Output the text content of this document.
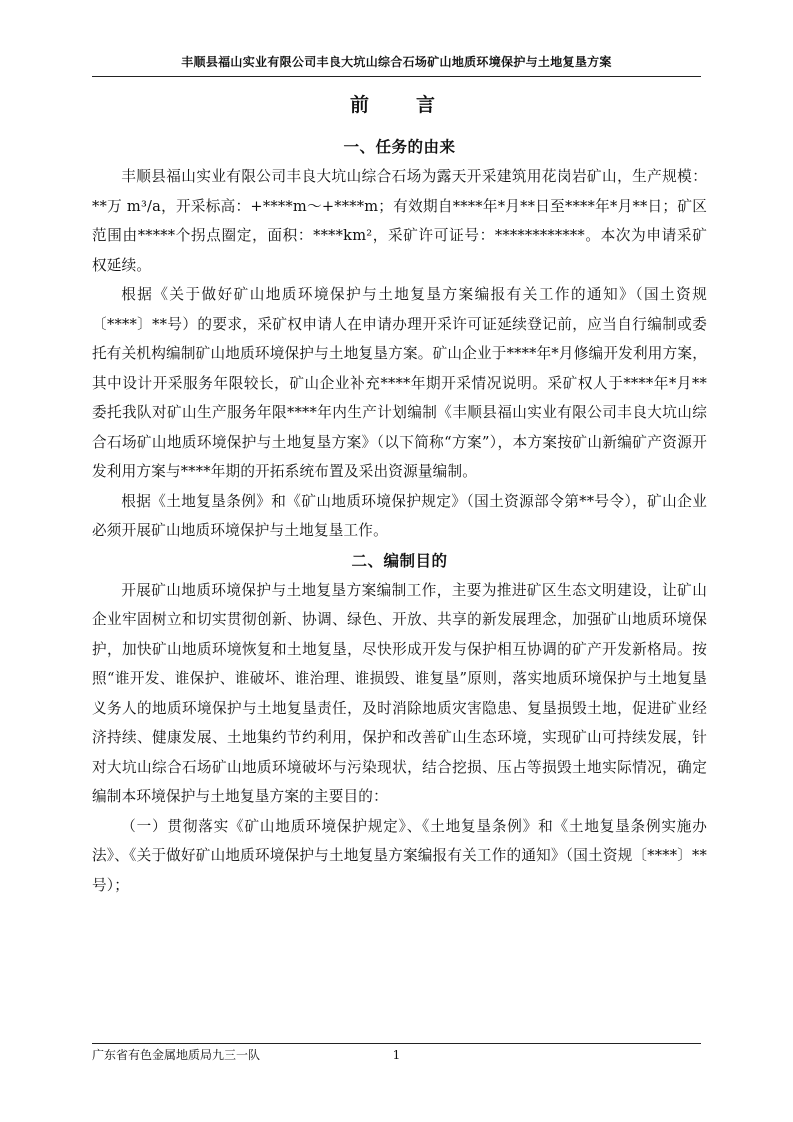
丰顺县福山实业有限公司丰良大坑山综合石场矿山地质环境保护与土地复垦方案
前　言
一、任务的由来

丰顺县福山实业有限公司丰良大坑山综合石场为露天开采建筑用花岗岩矿山，生产规模：**万 m³/a，开采标高：+****m～+****m；有效期自****年*月**日至****年*月**日；矿区范围由*****个拐点圈定，面积：****km²，采矿许可证号：************。本次为申请采矿权延续。

根据《关于做好矿山地质环境保护与土地复垦方案编报有关工作的通知》（国土资规〔****〕**号）的要求，采矿权申请人在申请办理开采许可证延续登记前，应当自行编制或委托有关机构编制矿山地质环境保护与土地复垦方案。矿山企业于****年*月修编开发利用方案，其中设计开采服务年限较长，矿山企业补充****年期开采情况说明。采矿权人于****年*月**委托我队对矿山生产服务年限****年内生产计划编制《丰顺县福山实业有限公司丰良大坑山综合石场矿山地质环境保护与土地复垦方案》（以下简称“方案”），本方案按矿山新编矿产资源开发利用方案与****年期的开拓系统布置及采出资源量编制。

根据《土地复垦条例》和《矿山地质环境保护规定》（国土资源部令第**号令），矿山企业必须开展矿山地质环境保护与土地复垦工作。

二、编制目的

开展矿山地质环境保护与土地复垦方案编制工作，主要为推进矿区生态文明建设，让矿山企业牢固树立和切实贯彻创新、协调、绿色、开放、共享的新发展理念，加强矿山地质环境保护，加快矿山地质环境恢复和土地复垦，尽快形成开发与保护相互协调的矿产开发新格局。按照“谁开发、谁保护、谁破坏、谁治理、谁损毁、谁复垦”原则，落实地质环境保护与土地复垦义务人的地质环境保护与土地复垦责任，及时消除地质灾害隐患、复垦损毁土地，促进矿业经济持续、健康发展、土地集约节约利用，保护和改善矿山生态环境，实现矿山可持续发展，针对大坑山综合石场矿山地质环境破坏与污染现状，结合挖损、压占等损毁土地实际情况，确定编制本环境保护与土地复垦方案的主要目的：

（一）贯彻落实《矿山地质环境保护规定》、《土地复垦条例》和《土地复垦条例实施办法》、《关于做好矿山地质环境保护与土地复垦方案编报有关工作的通知》（国土资规〔****〕** 号）；

广东省有色金属地质局九三一队	1
